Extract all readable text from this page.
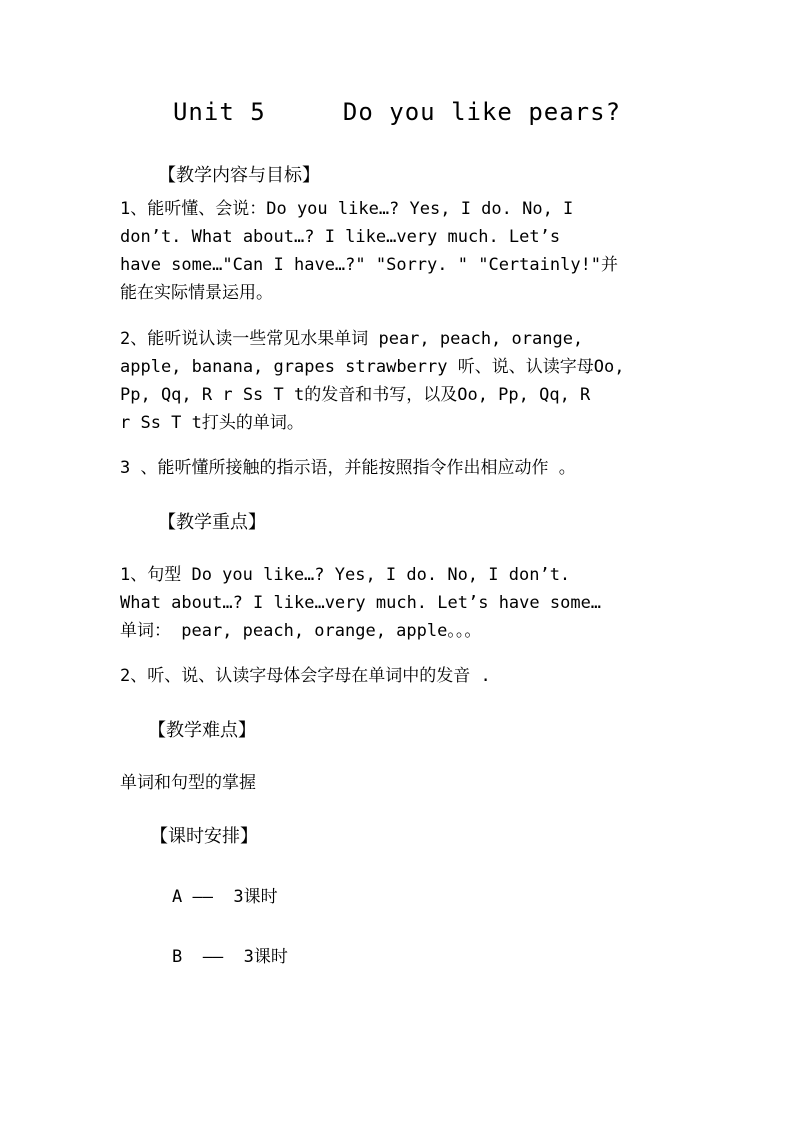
Unit 5     Do you like pears?
【教学内容与目标】
1、能听懂、会说：Do you like…? Yes, I do. No, I
don’t. What about…? I like…very much. Let’s
have some…"Can I have…?" "Sorry. " "Certainly!"并
能在实际情景运用。
2、能听说认读一些常见水果单词 pear, peach, orange,
apple, banana, grapes strawberry 听、说、认读字母Oo,
Pp, Qq, R r Ss T t的发音和书写，以及Oo, Pp, Qq, R
r Ss T t打头的单词。
3 、能听懂所接触的指示语，并能按照指令作出相应动作 。
【教学重点】
1、句型 Do you like…? Yes, I do. No, I don’t.
What about…? I like…very much. Let’s have some…
单词： pear, peach, orange, apple。。。
2、听、说、认读字母体会字母在单词中的发音 .
【教学难点】
单词和句型的掌握
【课时安排】
A ——  3课时
B  ——  3课时
